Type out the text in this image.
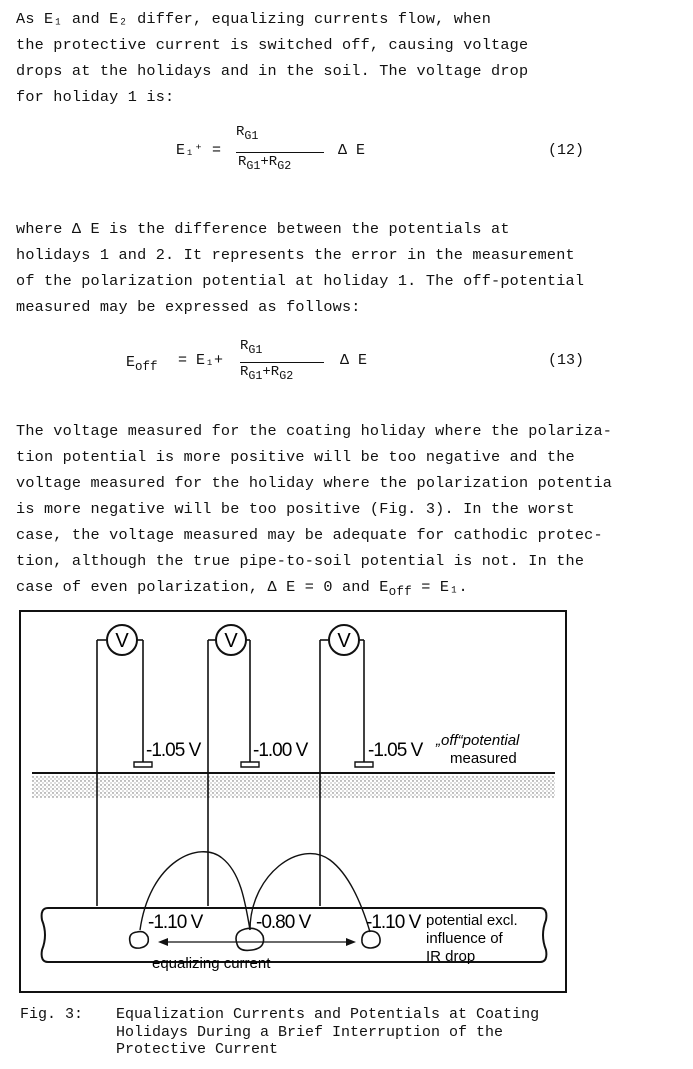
As E₁ and E₂ differ, equalizing currents flow, when
the protective current is switched off, causing voltage
drops at the holidays and in the soil. The voltage drop
for holiday 1 is:
E₁⁺ =
$R_{G1}$
$R_{G1}+R_{G2}$
Δ E	(12)
where Δ E is the difference between the potentials at
holidays 1 and 2. It represents the error in the measurement
of the polarization potential at holiday 1. The off-potential
measured may be expressed as follows:
$E_{off} = E_1+$
$R_{G1}$
$R_{G1}+R_{G2}$
Δ E	(13)
The voltage measured for the coating holiday where the polariza-
tion potential is more positive will be too negative and the
voltage measured for the holiday where the polarization potentia
is more negative will be too positive (Fig. 3). In the worst
case, the voltage measured may be adequate for cathodic protec-
tion, although the true pipe-to-soil potential is not. In the
case of even polarization, Δ E = 0 and $E_{off} = E_1$.
V	V	V
-1.05 V	-1.00 V	-1.05 V „off“potential
measured
-1.10 V	-0.80 V	-1.10 V potential excl.
influence of
IR drop
equalizing current
Fig. 3: Equalization Currents and Potentials at Coating
Holidays During a Brief Interruption of the
Protective Current
